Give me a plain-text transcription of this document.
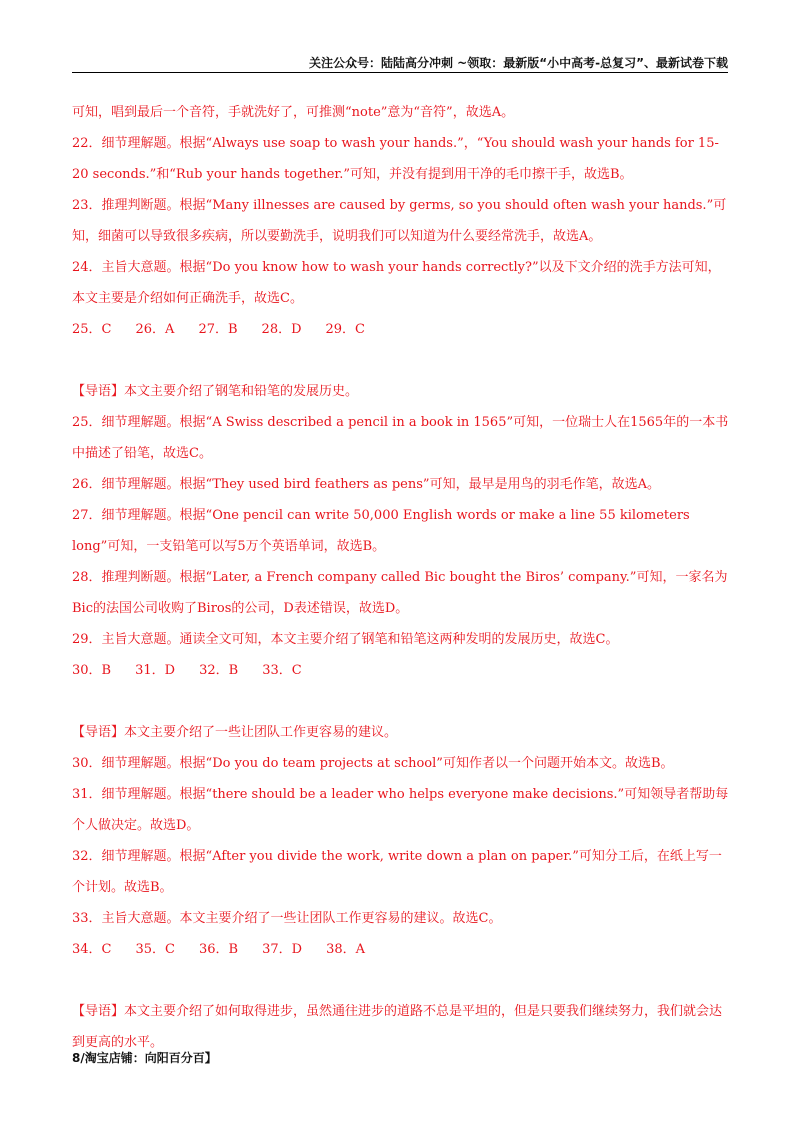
关注公众号：陆陆高分冲刺 ~领取：最新版“小中高考-总复习”、最新试卷下载

可知，唱到最后一个音符，手就洗好了，可推测“note”意为“音符”，故选A。

22．细节理解题。根据“Always use soap to wash your hands.”，“You should wash your hands for 15-20 seconds.”和“Rub your hands together.”可知，并没有提到用干净的毛巾擦干手，故选B。

23．推理判断题。根据“Many illnesses are caused by germs, so you should often wash your hands.”可知，细菌可以导致很多疾病，所以要勤洗手，说明我们可以知道为什么要经常洗手，故选A。

24．主旨大意题。根据“Do you know how to wash your hands correctly?”以及下文介绍的洗手方法可知，本文主要是介绍如何正确洗手，故选C。

25．C 26．A 27．B 28．D 29．C

【导语】本文主要介绍了钢笔和铅笔的发展历史。

25．细节理解题。根据“A Swiss described a pencil in a book in 1565”可知，一位瑞士人在1565年的一本书中描述了铅笔，故选C。

26．细节理解题。根据“They used bird feathers as pens”可知，最早是用鸟的羽毛作笔，故选A。

27．细节理解题。根据“One pencil can write 50,000 English words or make a line 55 kilometers long”可知，一支铅笔可以写5万个英语单词，故选B。

28．推理判断题。根据“Later, a French company called Bic bought the Biros’ company.”可知，一家名为Bic的法国公司收购了Biros的公司，D表述错误，故选D。

29．主旨大意题。通读全文可知，本文主要介绍了钢笔和铅笔这两种发明的发展历史，故选C。

30．B 31．D 32．B 33．C

【导语】本文主要介绍了一些让团队工作更容易的建议。

30．细节理解题。根据“Do you do team projects at school”可知作者以一个问题开始本文。故选B。

31．细节理解题。根据“there should be a leader who helps everyone make decisions.”可知领导者帮助每个人做决定。故选D。

32．细节理解题。根据“After you divide the work, write down a plan on paper.”可知分工后，在纸上写一个计划。故选B。

33．主旨大意题。本文主要介绍了一些让团队工作更容易的建议。故选C。

34．C 35．C 36．B 37．D 38．A

【导语】本文主要介绍了如何取得进步，虽然通往进步的道路不总是平坦的，但是只要我们继续努力，我们就会达到更高的水平。

8/淘宝店铺：向阳百分百】
